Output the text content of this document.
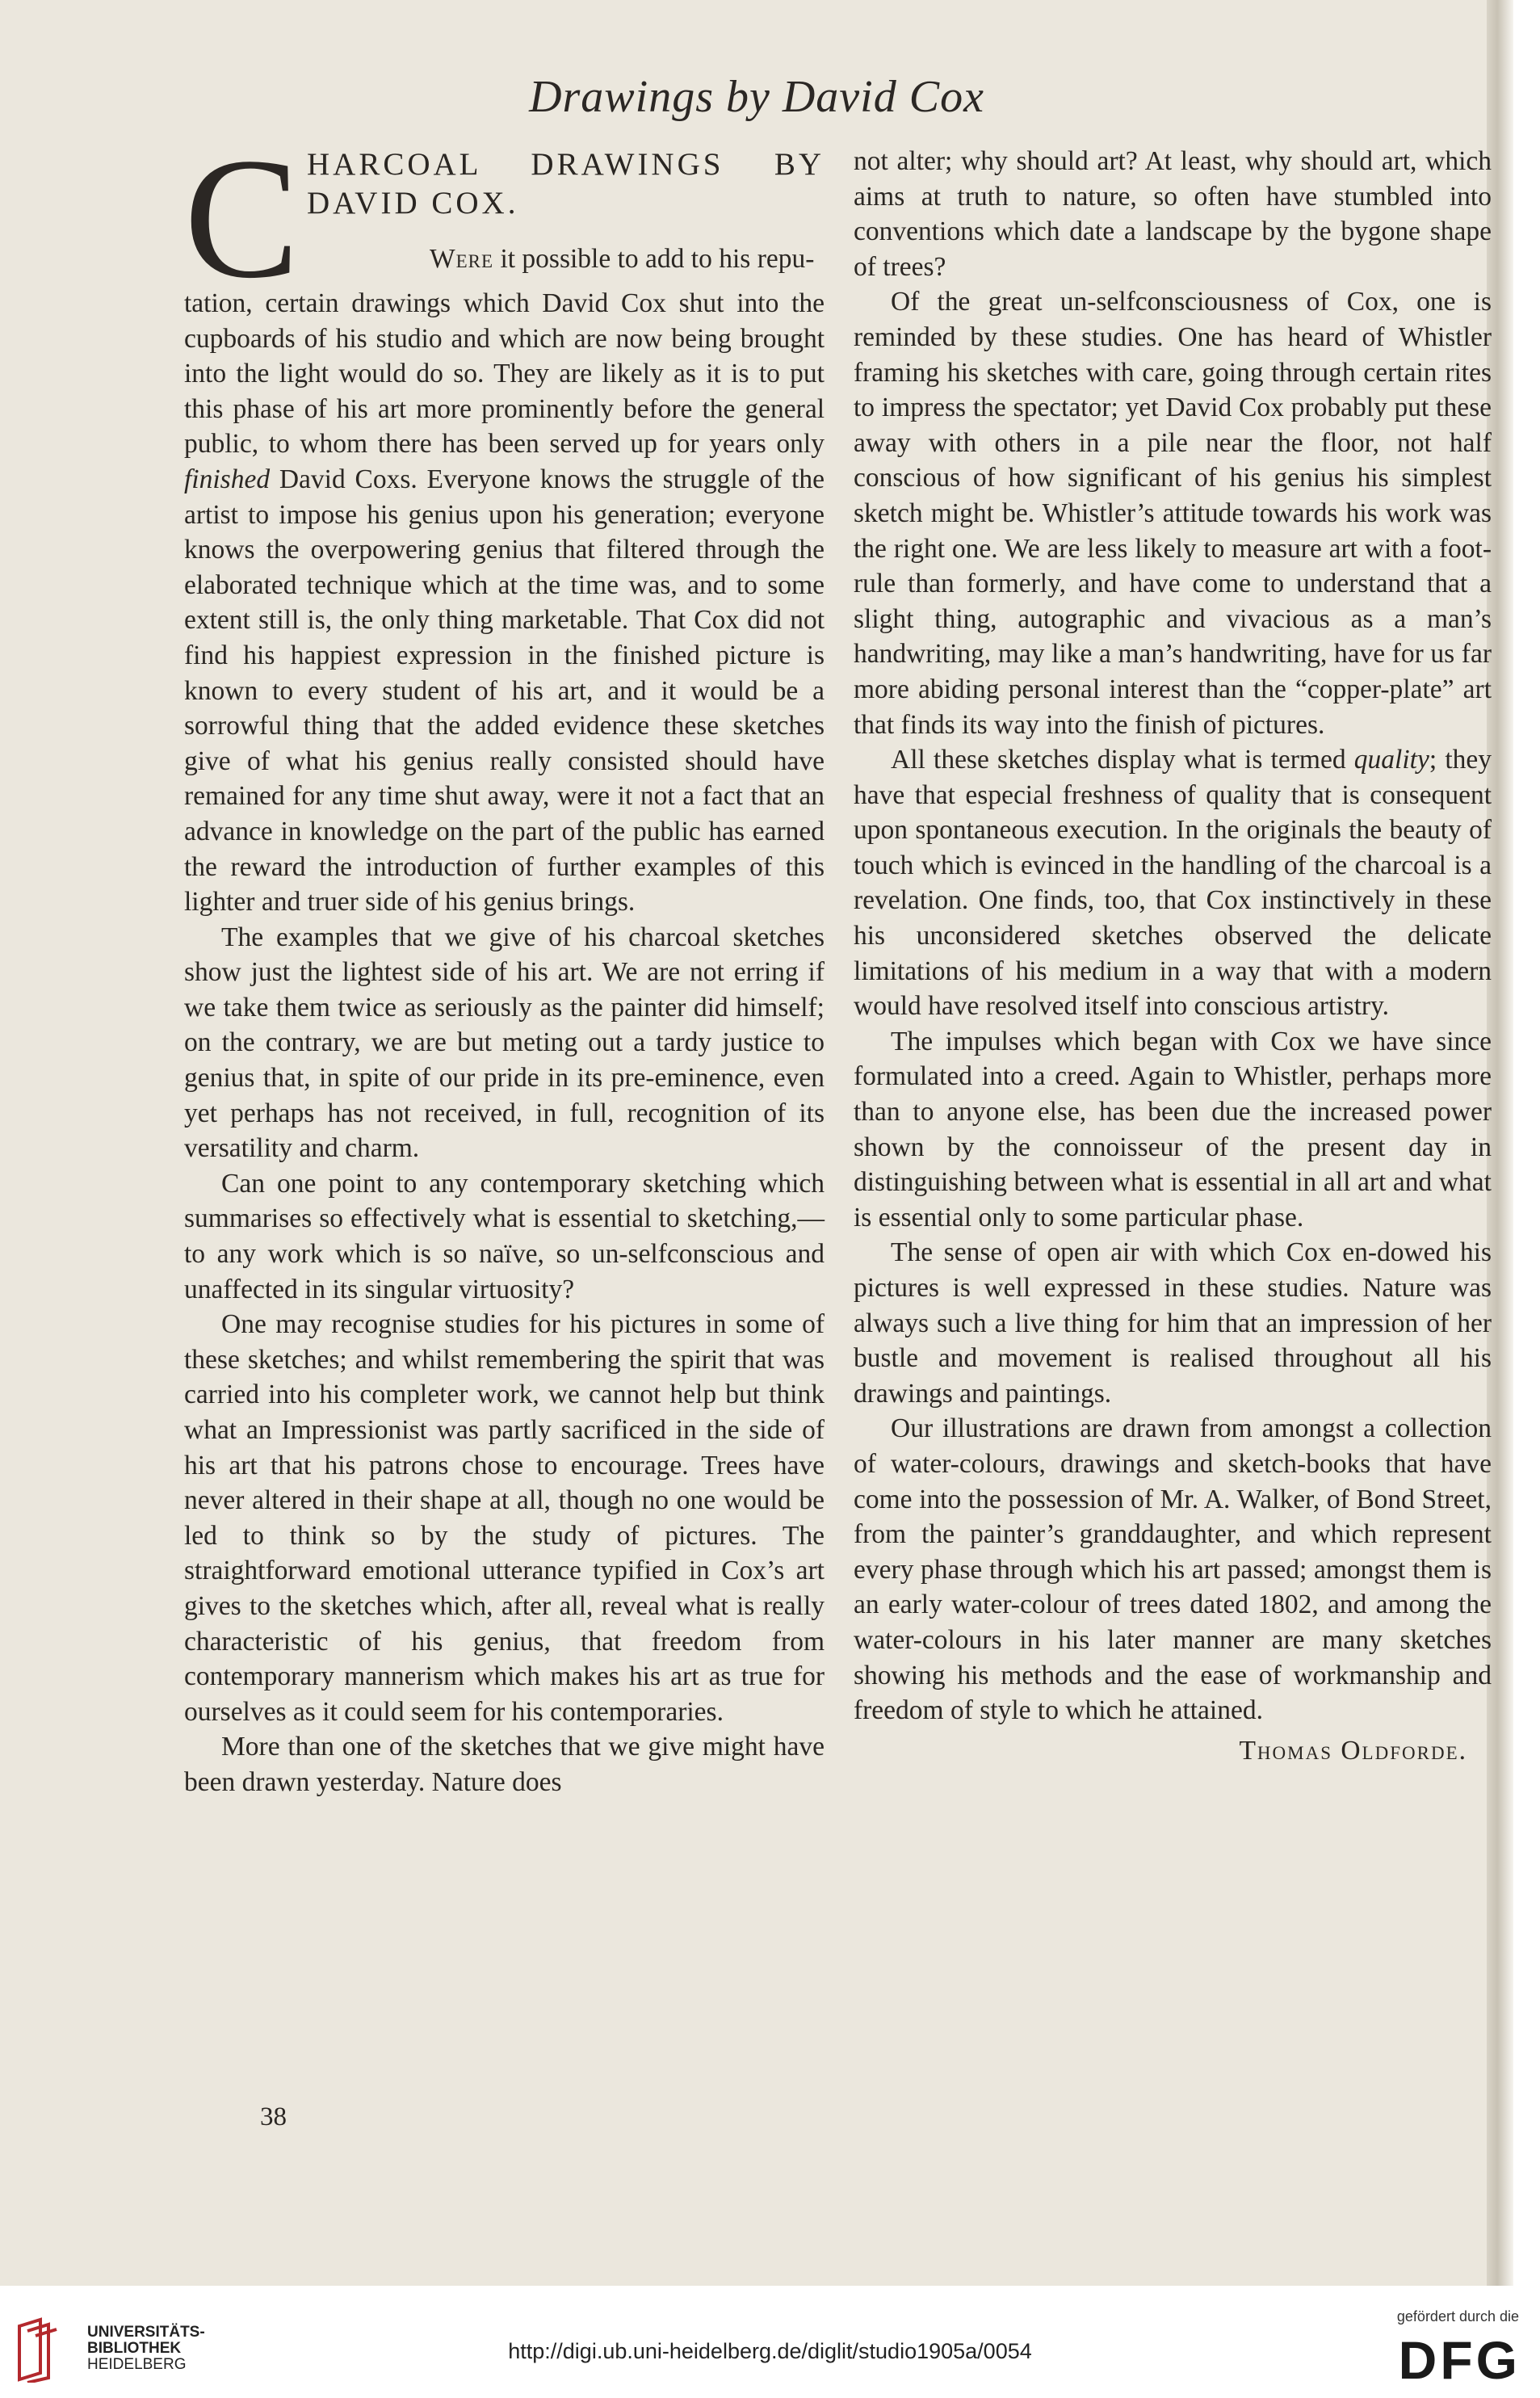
Drawings by David Cox
C HARCOAL DRAWINGS BY
DAVID COX.
Were it possible to add to his repu-

tation, certain drawings which David Cox shut into the cupboards of his studio and which are now being brought into the light would do so. They are likely as it is to put this phase of his art more prominently before the general public, to whom there has been served up for years only finished David Coxs. Everyone knows the struggle of the artist to impose his genius upon his generation; everyone knows the overpowering genius that filtered through the elaborated technique which at the time was, and to some extent still is, the only thing marketable. That Cox did not find his happiest expression in the finished picture is known to every student of his art, and it would be a sorrowful thing that the added evidence these sketches give of what his genius really consisted should have remained for any time shut away, were it not a fact that an advance in knowledge on the part of the public has earned the reward the introduction of further examples of this lighter and truer side of his genius brings.

The examples that we give of his charcoal sketches show just the lightest side of his art. We are not erring if we take them twice as seriously as the painter did himself; on the contrary, we are but meting out a tardy justice to genius that, in spite of our pride in its pre-eminence, even yet perhaps has not received, in full, recognition of its versatility and charm.

Can one point to any contemporary sketching which summarises so effectively what is essential to sketching,—to any work which is so naïve, so un-selfconscious and unaffected in its singular virtuosity?

One may recognise studies for his pictures in some of these sketches; and whilst remembering the spirit that was carried into his completer work, we cannot help but think what an Impressionist was partly sacrificed in the side of his art that his patrons chose to encourage. Trees have never altered in their shape at all, though no one would be led to think so by the study of pictures. The straightforward emotional utterance typified in Cox’s art gives to the sketches which, after all, reveal what is really characteristic of his genius, that freedom from contemporary mannerism which makes his art as true for ourselves as it could seem for his contemporaries.

More than one of the sketches that we give might have been drawn yesterday. Nature does

not alter; why should art? At least, why should art, which aims at truth to nature, so often have stumbled into conventions which date a landscape by the bygone shape of trees?

Of the great un-selfconsciousness of Cox, one is reminded by these studies. One has heard of Whistler framing his sketches with care, going through certain rites to impress the spectator; yet David Cox probably put these away with others in a pile near the floor, not half conscious of how significant of his genius his simplest sketch might be. Whistler’s attitude towards his work was the right one. We are less likely to measure art with a foot-rule than formerly, and have come to understand that a slight thing, autographic and vivacious as a man’s handwriting, may like a man’s handwriting, have for us far more abiding personal interest than the “copper-plate” art that finds its way into the finish of pictures.

All these sketches display what is termed quality; they have that especial freshness of quality that is consequent upon spontaneous execution. In the originals the beauty of touch which is evinced in the handling of the charcoal is a revelation. One finds, too, that Cox instinctively in these his unconsidered sketches observed the delicate limitations of his medium in a way that with a modern would have resolved itself into conscious artistry.

The impulses which began with Cox we have since formulated into a creed. Again to Whistler, perhaps more than to anyone else, has been due the increased power shown by the connoisseur of the present day in distinguishing between what is essential in all art and what is essential only to some particular phase.

The sense of open air with which Cox en-dowed his pictures is well expressed in these studies. Nature was always such a live thing for him that an impression of her bustle and movement is realised throughout all his drawings and paintings.

Our illustrations are drawn from amongst a collection of water-colours, drawings and sketch-books that have come into the possession of Mr. A. Walker, of Bond Street, from the painter’s granddaughter, and which represent every phase through which his art passed; amongst them is an early water-colour of trees dated 1802, and among the water-colours in his later manner are many sketches showing his methods and the ease of workmanship and freedom of style to which he attained.

Thomas Oldforde.
38
UNIVERSITÄTS-
BIBLIOTHEK
HEIDELBERG
http://digi.ub.uni-heidelberg.de/diglit/studio1905a/0054
gefördert durch die
DFG
